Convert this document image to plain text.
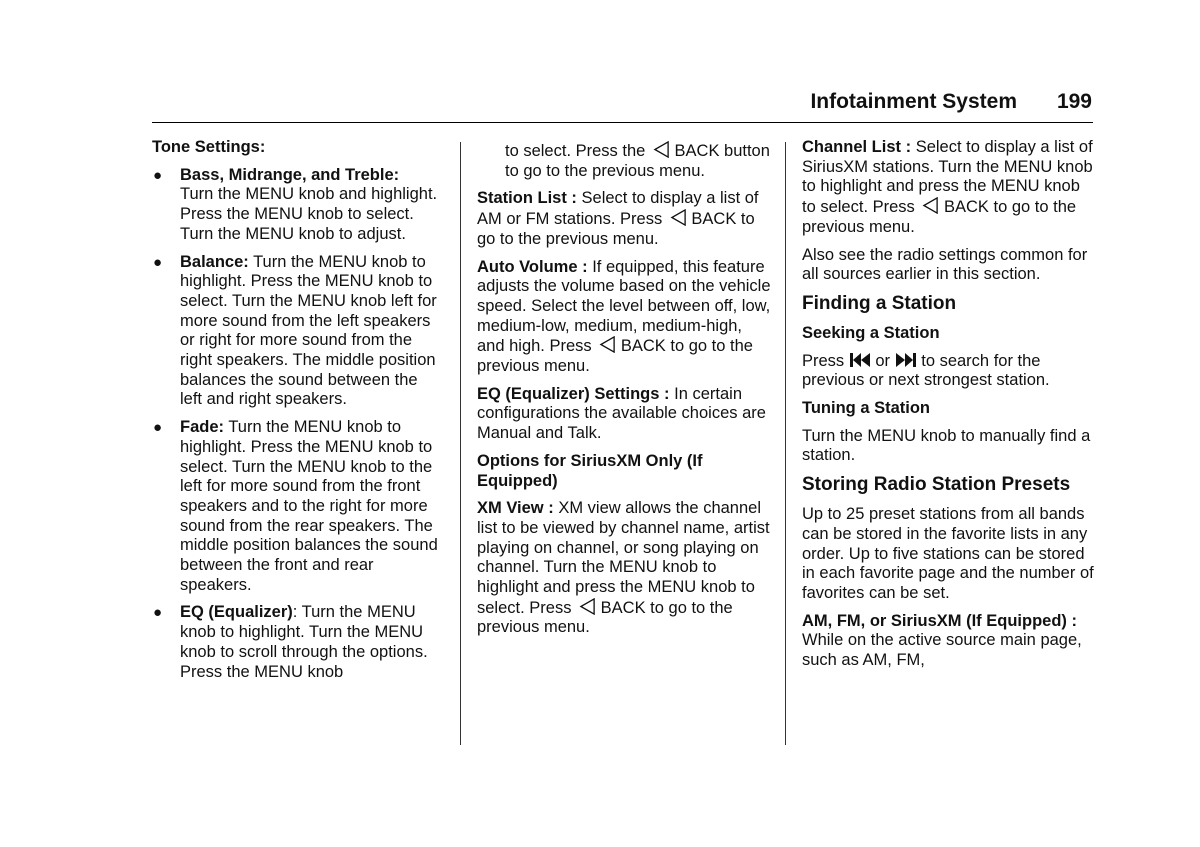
Infotainment System 199
Tone Settings:
● Bass, Midrange, and Treble:
Turn the MENU knob and highlight. Press the MENU knob to select. Turn the MENU knob to adjust.
● Balance: Turn the MENU knob to highlight. Press the MENU knob to select. Turn the MENU knob left for more sound from the left speakers or right for more sound from the right speakers. The middle position balances the sound between the left and right speakers.
● Fade: Turn the MENU knob to highlight. Press the MENU knob to select. Turn the MENU knob to the left for more sound from the front speakers and to the right for more sound from the rear speakers. The middle position balances the sound between the front and rear speakers.
● EQ (Equalizer): Turn the MENU knob to highlight. Turn the MENU knob to scroll through the options. Press the MENU knob

to select. Press the BACK button to go to the previous menu.

Station List : Select to display a list of AM or FM stations. Press BACK to go to the previous menu.

Auto Volume : If equipped, this feature adjusts the volume based on the vehicle speed. Select the level between off, low, medium-low, medium, medium-high, and high. Press BACK to go to the previous menu.

EQ (Equalizer) Settings : In certain configurations the available choices are Manual and Talk.

Options for SiriusXM Only (If Equipped)

XM View : XM view allows the channel list to be viewed by channel name, artist playing on channel, or song playing on channel. Turn the MENU knob to highlight and press the MENU knob to select. Press BACK to go to the previous menu.

Channel List : Select to display a list of SiriusXM stations. Turn the MENU knob to highlight and press the MENU knob to select. Press BACK to go to the previous menu.

Also see the radio settings common for all sources earlier in this section.

Finding a Station
Seeking a Station

Press or to search for the previous or next strongest station.

Tuning a Station

Turn the MENU knob to manually find a station.

Storing Radio Station Presets

Up to 25 preset stations from all bands can be stored in the favorite lists in any order. Up to five stations can be stored in each favorite page and the number of favorites can be set.

AM, FM, or SiriusXM (If Equipped) : While on the active source main page, such as AM, FM,
